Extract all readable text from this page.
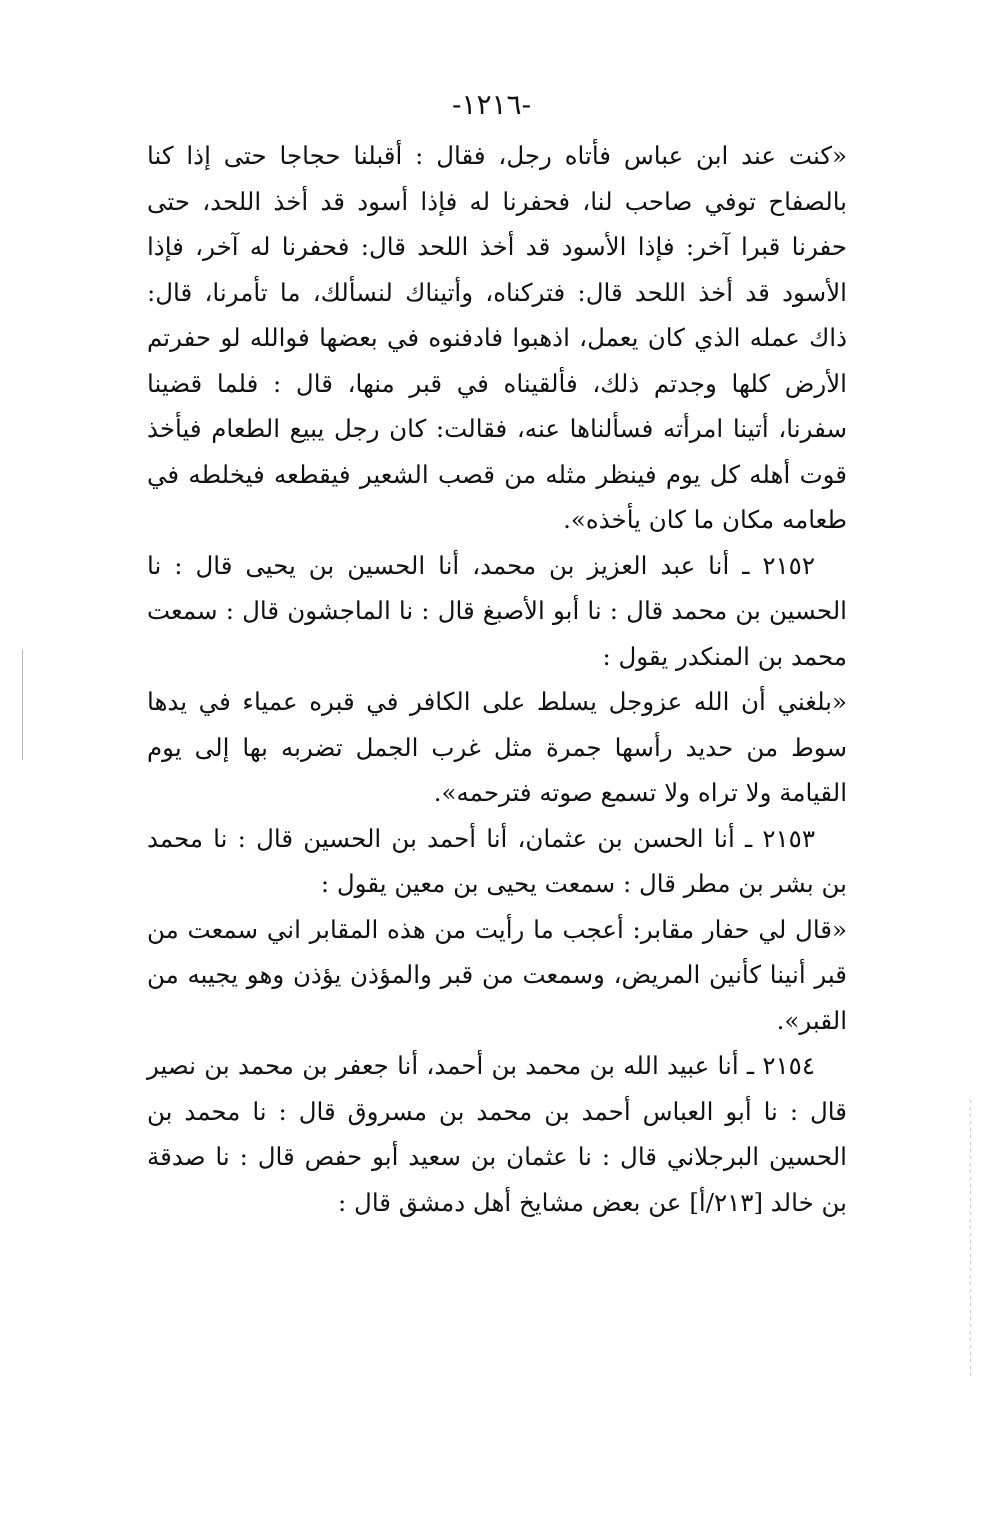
-١٢١٦-

«كنت عند ابن عباس فأتاه رجل، فقال : أقبلنا حجاجا حتى إذا كنا بالصفاح توفي صاحب لنا، فحفرنا له فإذا أسود قد أخذ اللحد، حتى حفرنا قبرا آخر: فإذا الأسود قد أخذ اللحد قال: فحفرنا له آخر، فإذا الأسود قد أخذ اللحد قال: فتركناه، وأتيناك لنسألك، ما تأمرنا، قال: ذاك عمله الذي كان يعمل، اذهبوا فادفنوه في بعضها فوالله لو حفرتم الأرض كلها وجدتم ذلك، فألقيناه في قبر منها، قال : فلما قضينا سفرنا، أتينا امرأته فسألناها عنه، فقالت: كان رجل يبيع الطعام فيأخذ قوت أهله كل يوم فينظر مثله من قصب الشعير فيقطعه فيخلطه في طعامه مكان ما كان يأخذه».

٢١٥٢ ـ أنا عبد العزيز بن محمد، أنا الحسين بن يحيى قال : نا الحسين بن محمد قال : نا أبو الأصبغ قال : نا الماجشون قال : سمعت محمد بن المنكدر يقول :

«بلغني أن الله عزوجل يسلط على الكافر في قبره عمياء في يدها سوط من حديد رأسها جمرة مثل غرب الجمل تضربه بها إلى يوم القيامة ولا تراه ولا تسمع صوته فترحمه».

٢١٥٣ ـ أنا الحسن بن عثمان، أنا أحمد بن الحسين قال : نا محمد بن بشر بن مطر قال : سمعت يحيى بن معين يقول :

«قال لي حفار مقابر: أعجب ما رأيت من هذه المقابر اني سمعت من قبر أنينا كأنين المريض، وسمعت من قبر والمؤذن يؤذن وهو يجيبه من القبر».

٢١٥٤ ـ أنا عبيد الله بن محمد بن أحمد، أنا جعفر بن محمد بن نصير قال : نا أبو العباس أحمد بن محمد بن مسروق قال : نا محمد بن الحسين البرجلاني قال : نا عثمان بن سعيد أبو حفص قال : نا صدقة بن خالد [٢١٣/أ] عن بعض مشايخ أهل دمشق قال :
